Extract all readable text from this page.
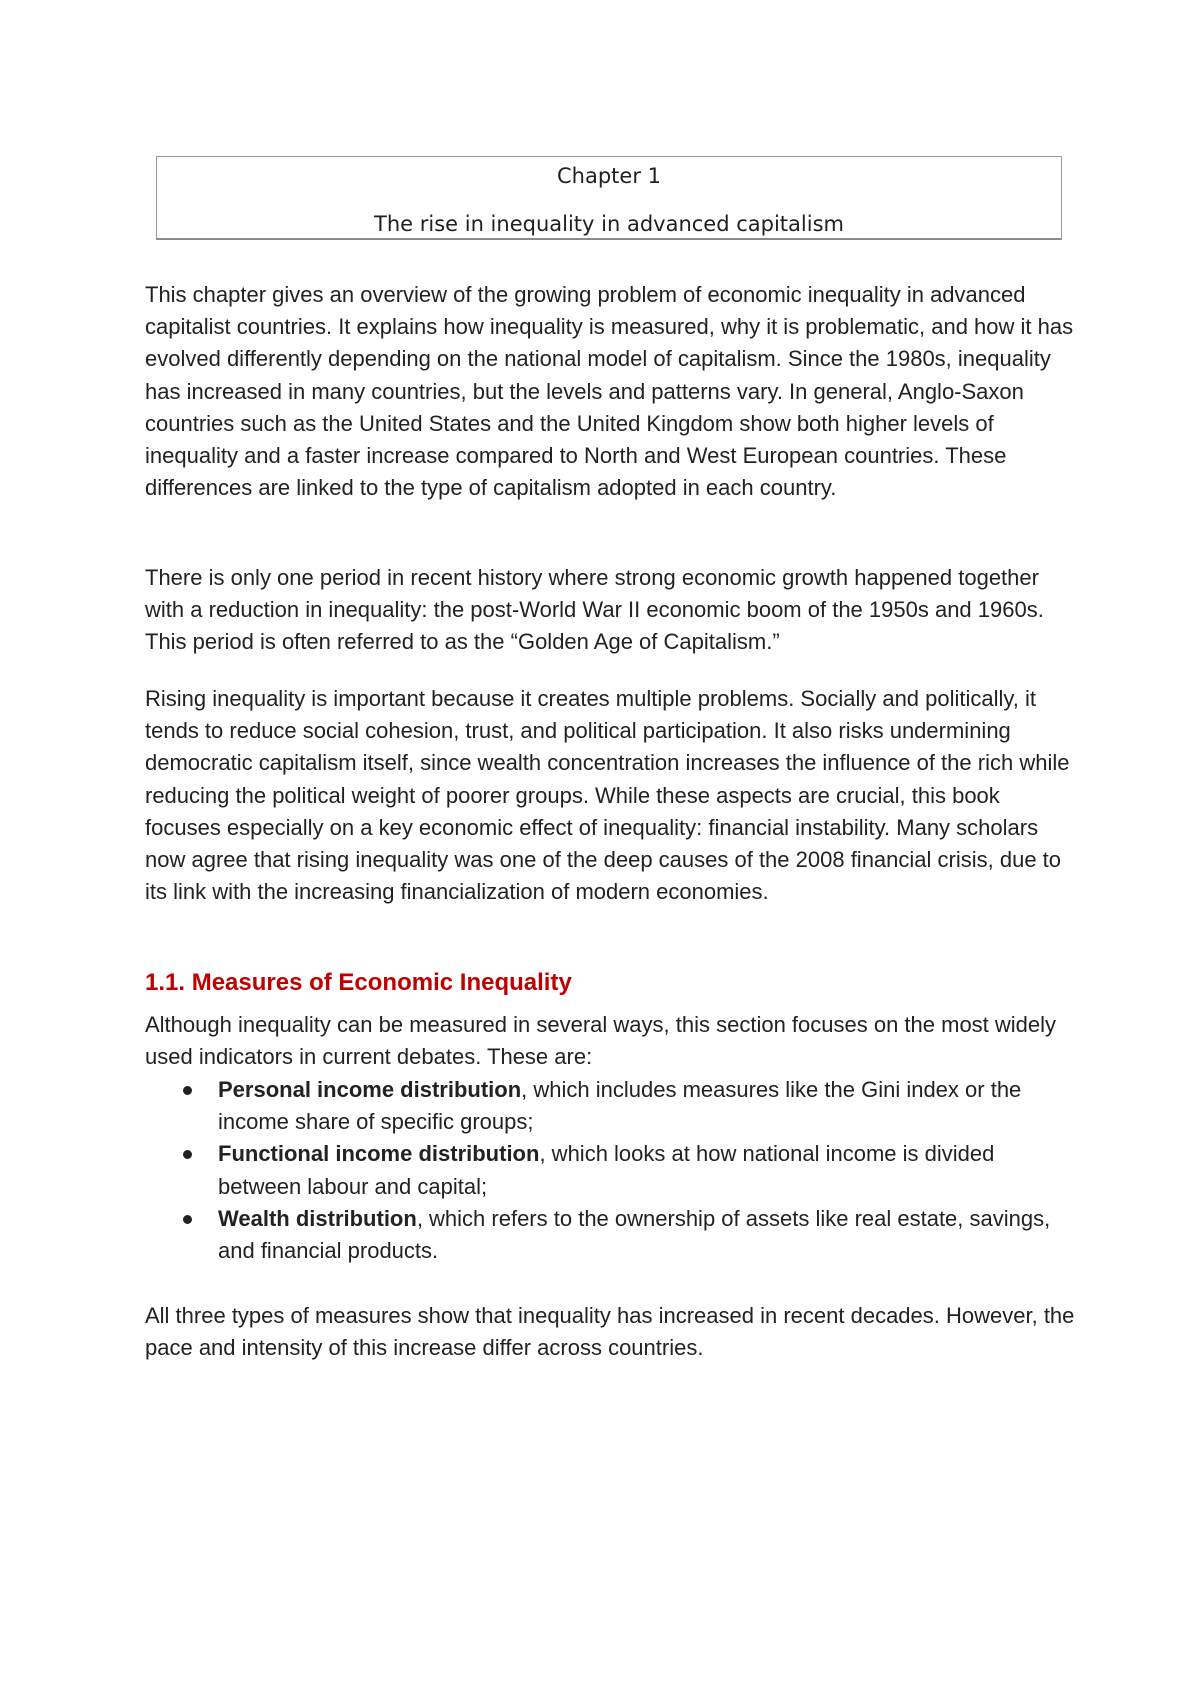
Chapter 1
The rise in inequality in advanced capitalism

This chapter gives an overview of the growing problem of economic inequality in advanced capitalist countries. It explains how inequality is measured, why it is problematic, and how it has evolved differently depending on the national model of capitalism. Since the 1980s, inequality has increased in many countries, but the levels and patterns vary. In general, Anglo-Saxon countries such as the United States and the United Kingdom show both higher levels of inequality and a faster increase compared to North and West European countries. These differences are linked to the type of capitalism adopted in each country.

There is only one period in recent history where strong economic growth happened together with a reduction in inequality: the post-World War II economic boom of the 1950s and 1960s. This period is often referred to as the “Golden Age of Capitalism.”

Rising inequality is important because it creates multiple problems. Socially and politically, it tends to reduce social cohesion, trust, and political participation. It also risks undermining democratic capitalism itself, since wealth concentration increases the influence of the rich while reducing the political weight of poorer groups. While these aspects are crucial, this book focuses especially on a key economic effect of inequality: financial instability. Many scholars now agree that rising inequality was one of the deep causes of the 2008 financial crisis, due to its link with the increasing financialization of modern economies.

1.1. Measures of Economic Inequality

Although inequality can be measured in several ways, this section focuses on the most widely used indicators in current debates. These are:

Personal income distribution, which includes measures like the Gini index or the income share of specific groups;
Functional income distribution, which looks at how national income is divided between labour and capital;
Wealth distribution, which refers to the ownership of assets like real estate, savings, and financial products.

All three types of measures show that inequality has increased in recent decades. However, the pace and intensity of this increase differ across countries.
